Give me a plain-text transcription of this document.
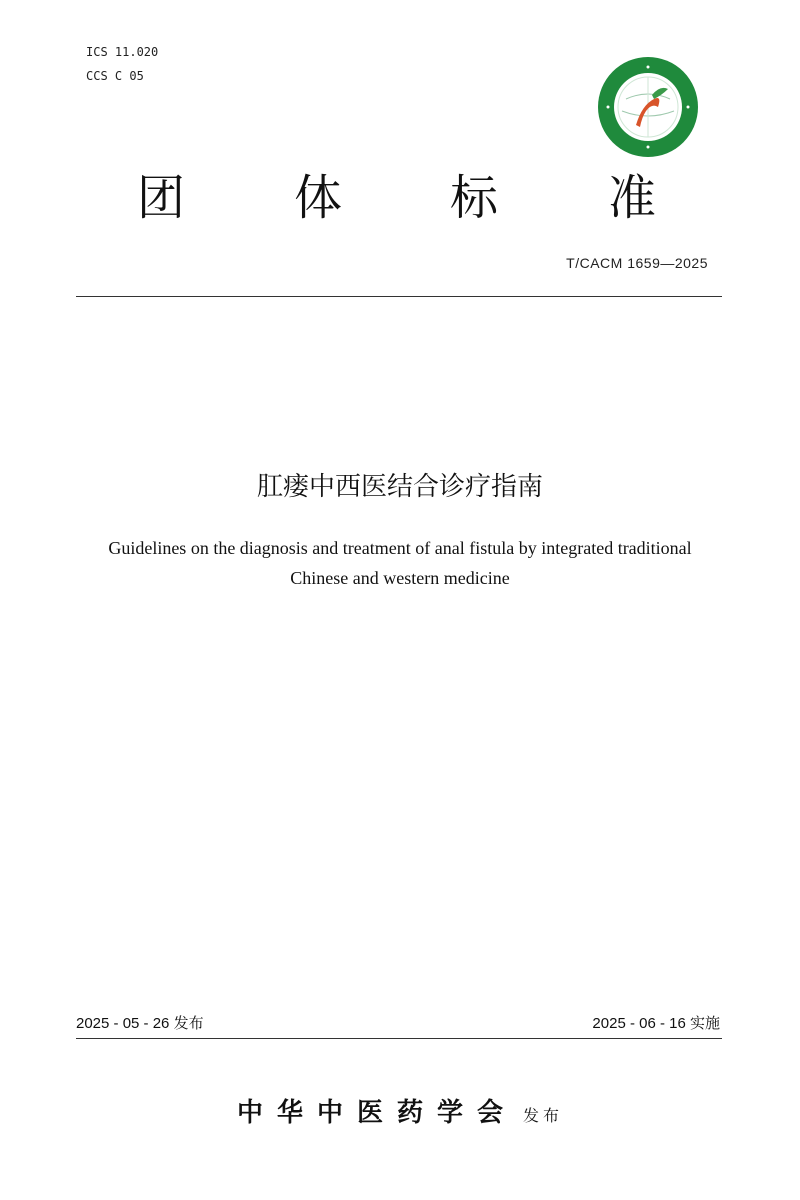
ICS 11.020
CCS C 05
团 体 标 准
T/CACM 1659—2025
肛瘘中西医结合诊疗指南
Guidelines on the diagnosis and treatment of anal fistula by integrated traditional
Chinese and western medicine
2025 - 05 - 26 发布	2025 - 06 - 16 实施
中华中医药学会 发布
